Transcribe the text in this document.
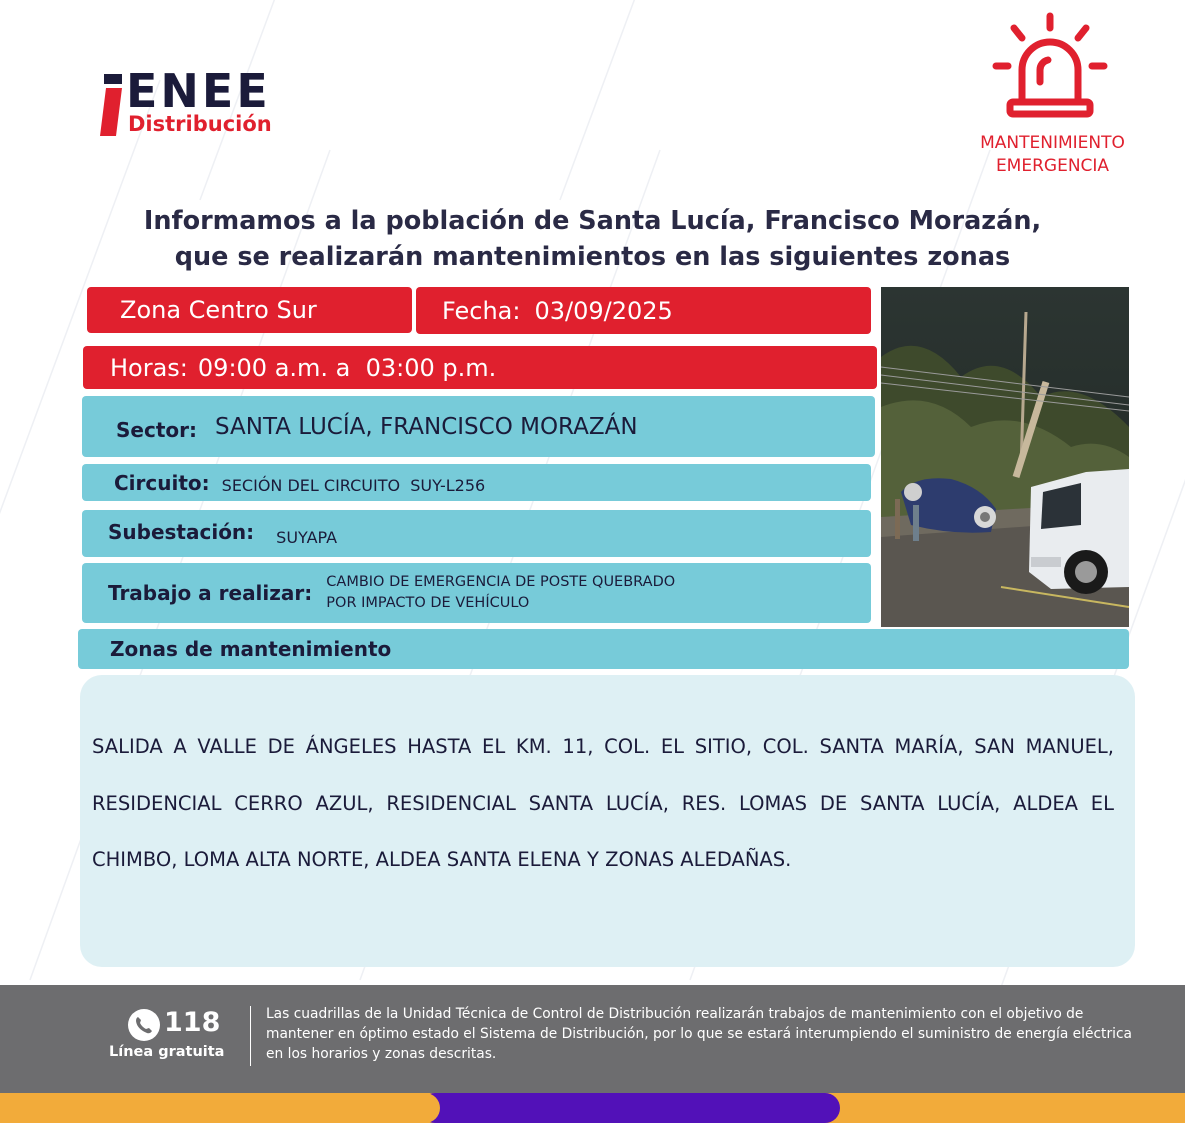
ENEE
Distribución
MANTENIMIENTO
EMERGENCIA
Informamos a la población de Santa Lucía, Francisco Morazán,
que se realizarán mantenimientos en las siguientes zonas
Zona Centro Sur	Fecha: 03/09/2025
Horas: 09:00 a.m. a  03:00 p.m.
Sector: SANTA LUCÍA, FRANCISCO MORAZÁN
Circuito: SECIÓN DEL CIRCUITO  SUY-L256
Subestación: SUYAPA
Trabajo a realizar: CAMBIO DE EMERGENCIA DE POSTE QUEBRADO
POR IMPACTO DE VEHÍCULO
Zonas de mantenimiento
SALIDA A VALLE DE ÁNGELES HASTA EL KM. 11, COL. EL SITIO, COL. SANTA MARÍA, SAN MANUEL, RESIDENCIAL CERRO AZUL, RESIDENCIAL SANTA LUCÍA, RES. LOMAS DE SANTA LUCÍA, ALDEA EL CHIMBO, LOMA ALTA NORTE, ALDEA SANTA ELENA Y ZONAS ALEDAÑAS.
118
Línea gratuita
Las cuadrillas de la Unidad Técnica de Control de Distribución realizarán trabajos de mantenimiento con el objetivo de mantener en óptimo estado el Sistema de Distribución, por lo que se estará interumpiendo el suministro de energía eléctrica en los horarios y zonas descritas.
